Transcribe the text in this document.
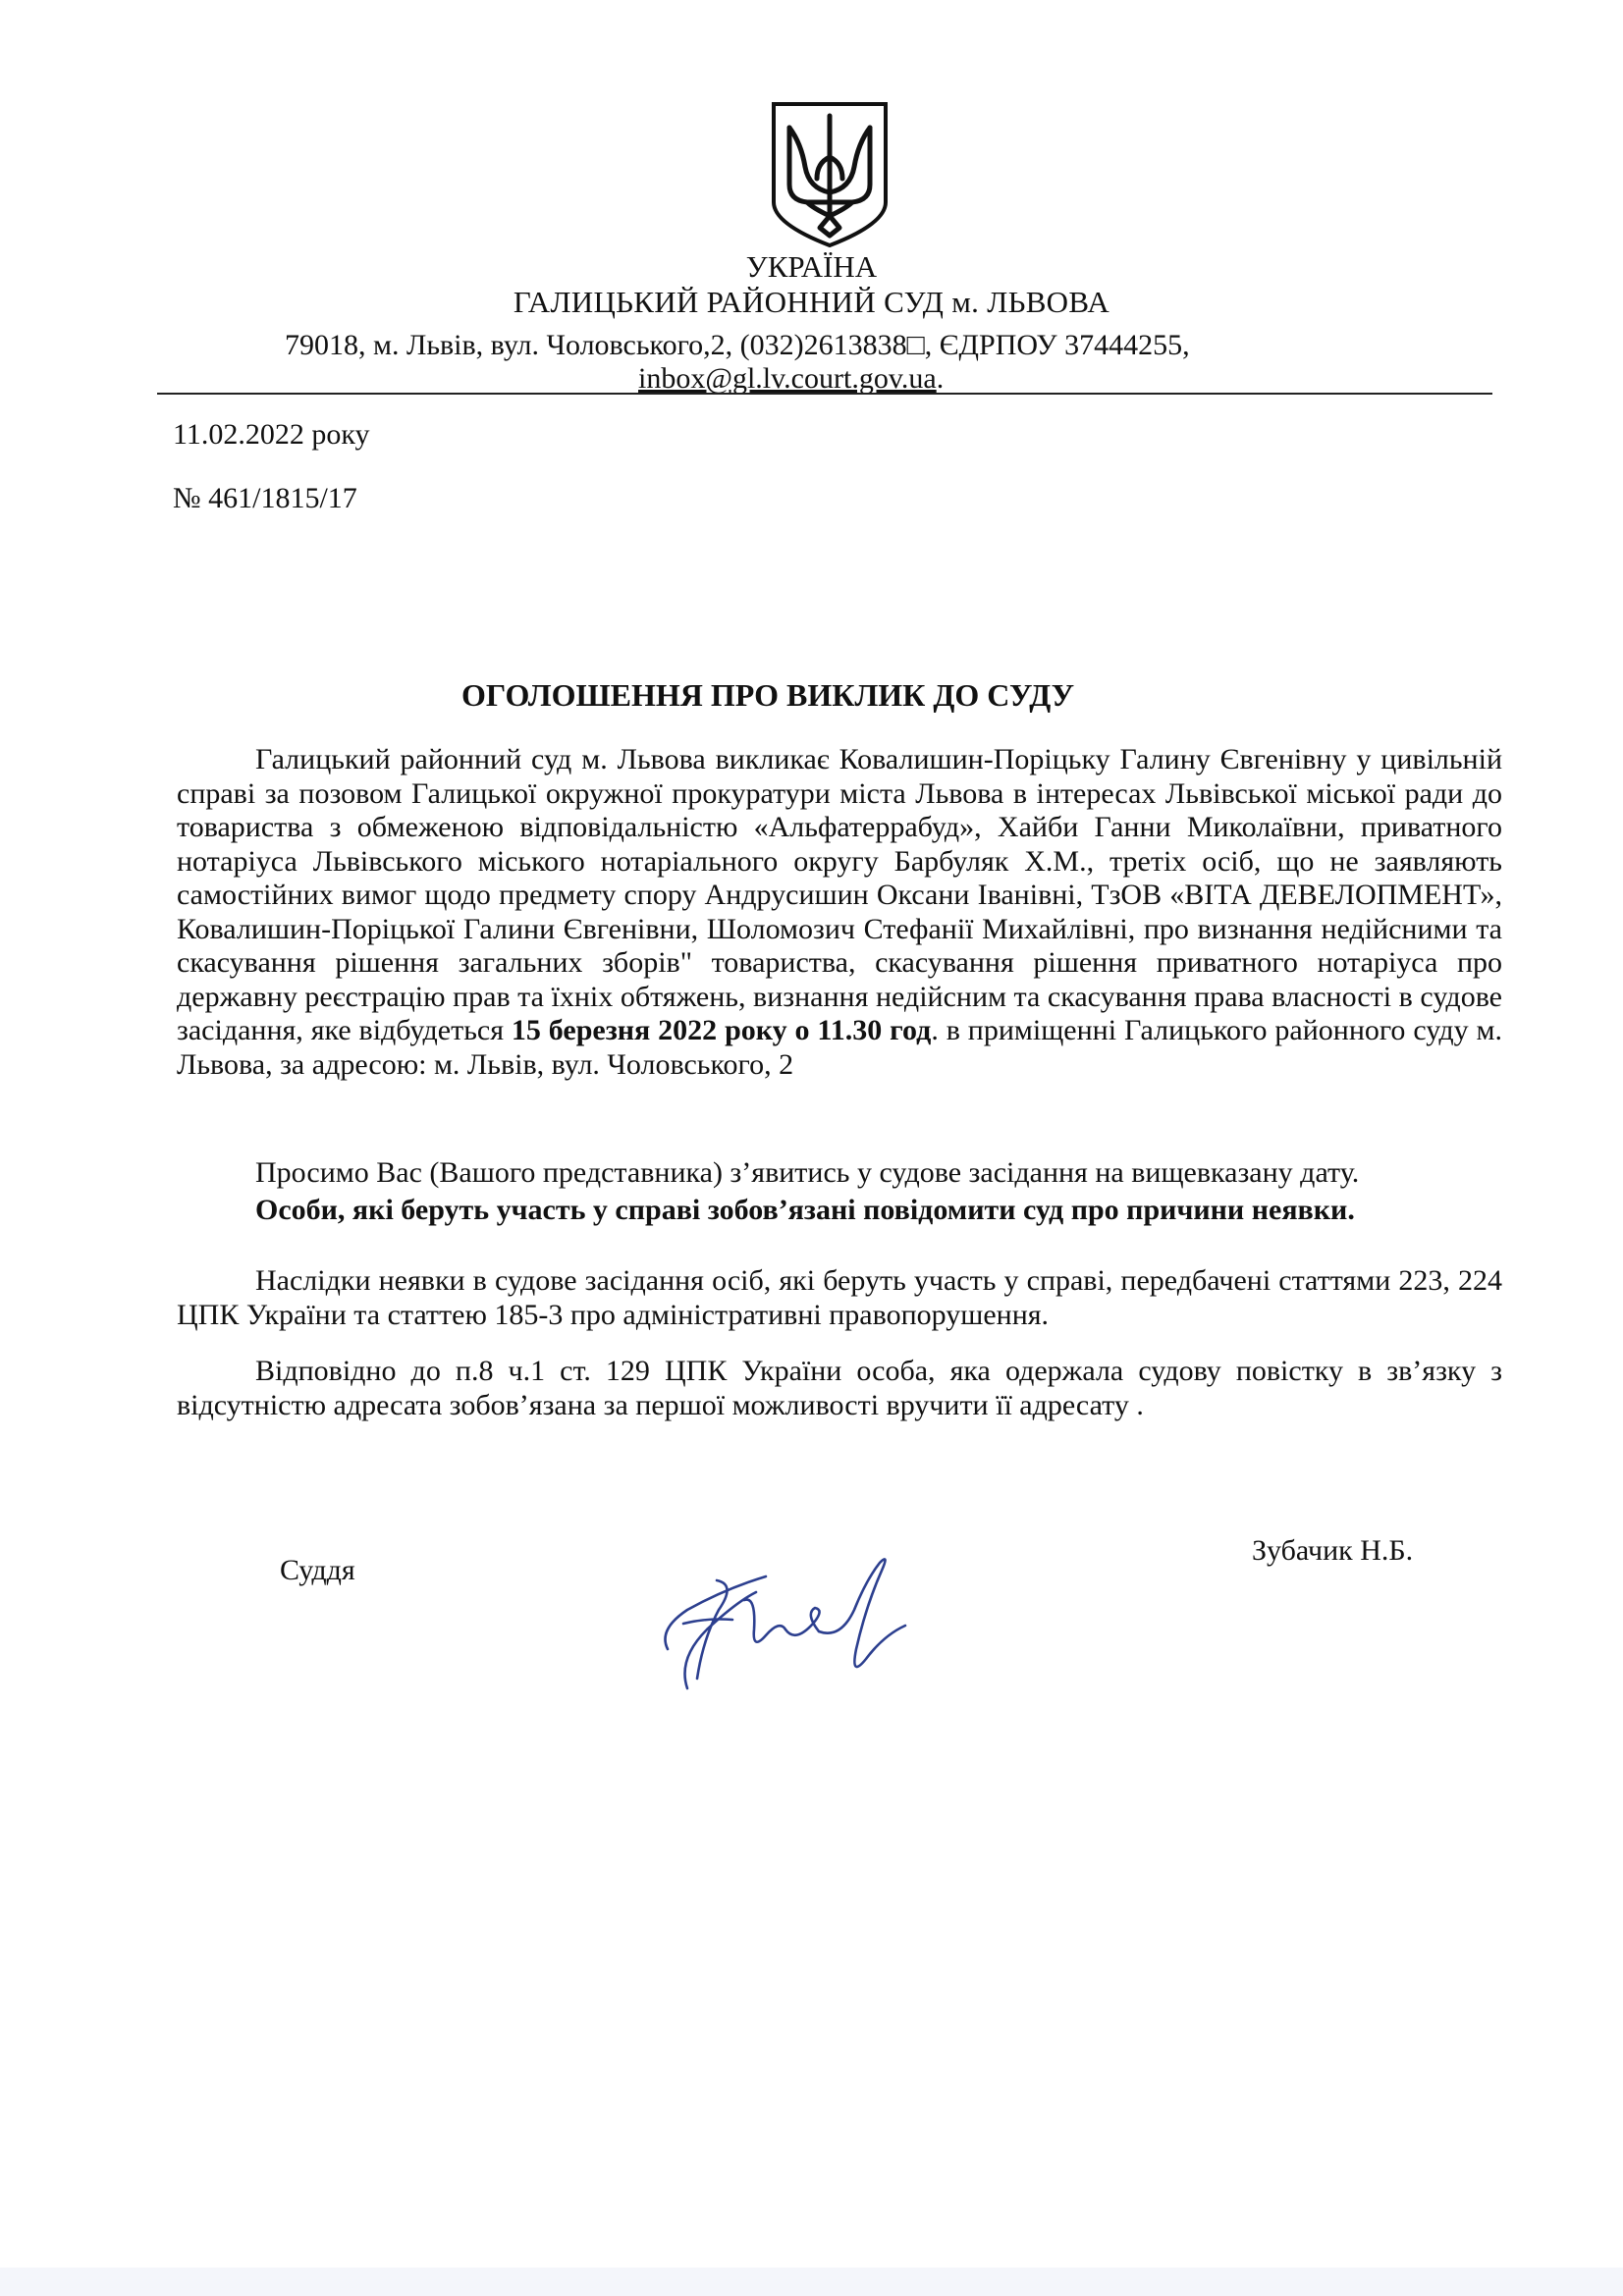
УКРАЇНА
ГАЛИЦЬКИЙ РАЙОННИЙ СУД м. ЛЬВОВА
79018, м. Львів, вул. Чоловського,2, (032)2613838□, ЄДРПОУ 37444255,
inbox@gl.lv.court.gov.ua.
11.02.2022 року
№ 461/1815/17
ОГОЛОШЕННЯ ПРО ВИКЛИК ДО СУДУ
Галицький районний суд м. Львова викликає Ковалишин-Порiцьку Галину Євгенiвну у цивiльнiй справi за позовом Галицької окружної прокуратури мiста Львова в iнтересах Львiвської мiської ради до товариства з обмеженою вiдповiдальнiстю «Альфатеррабуд», Хайби Ганни Миколаївни, приватного нотарiуса Львiвського мiського нотарiального округу Барбуляк Х.М., третiх осiб, що не заявляють самостiйних вимог щодо предмету спору Андрусишин Оксани Iванiвнi, ТзОВ «ВIТА ДЕВЕЛОПМЕНТ», Ковалишин-Порiцької Галини Євгенiвни, Шоломозич Стефанiї Михайлiвнi, про визнання недiйсними та скасування рiшення загальних зборiв" товариства, скасування рiшення приватного нотарiуса про державну реєстрацiю прав та їхнiх обтяжень, визнання недiйсним та скасування права власностi в судове засiдання, яке вiдбудеться 15 березня 2022 року о 11.30 год. в примiщеннi Галицького районного суду м. Львова, за адресою: м. Львiв, вул. Чоловського, 2
Просимо Вас (Вашого представника) з’явитись у судове засiдання на вищевказану дату.
Особи, якi беруть участь у справi зобов’язанi повiдомити суд про причини неявки.
Наслiдки неявки в судове засiдання осiб, якi беруть участь у справi, передбаченi статтями 223, 224 ЦПК України та статтею 185-3 про адмiнiстративнi правопорушення.
Вiдповiдно до п.8 ч.1 ст. 129 ЦПК України особа, яка одержала судову повiстку в зв’язку з вiдсутнiстю адресата зобов’язана за першої можливостi вручити її адресату .
Суддя
Зубачик Н.Б.
